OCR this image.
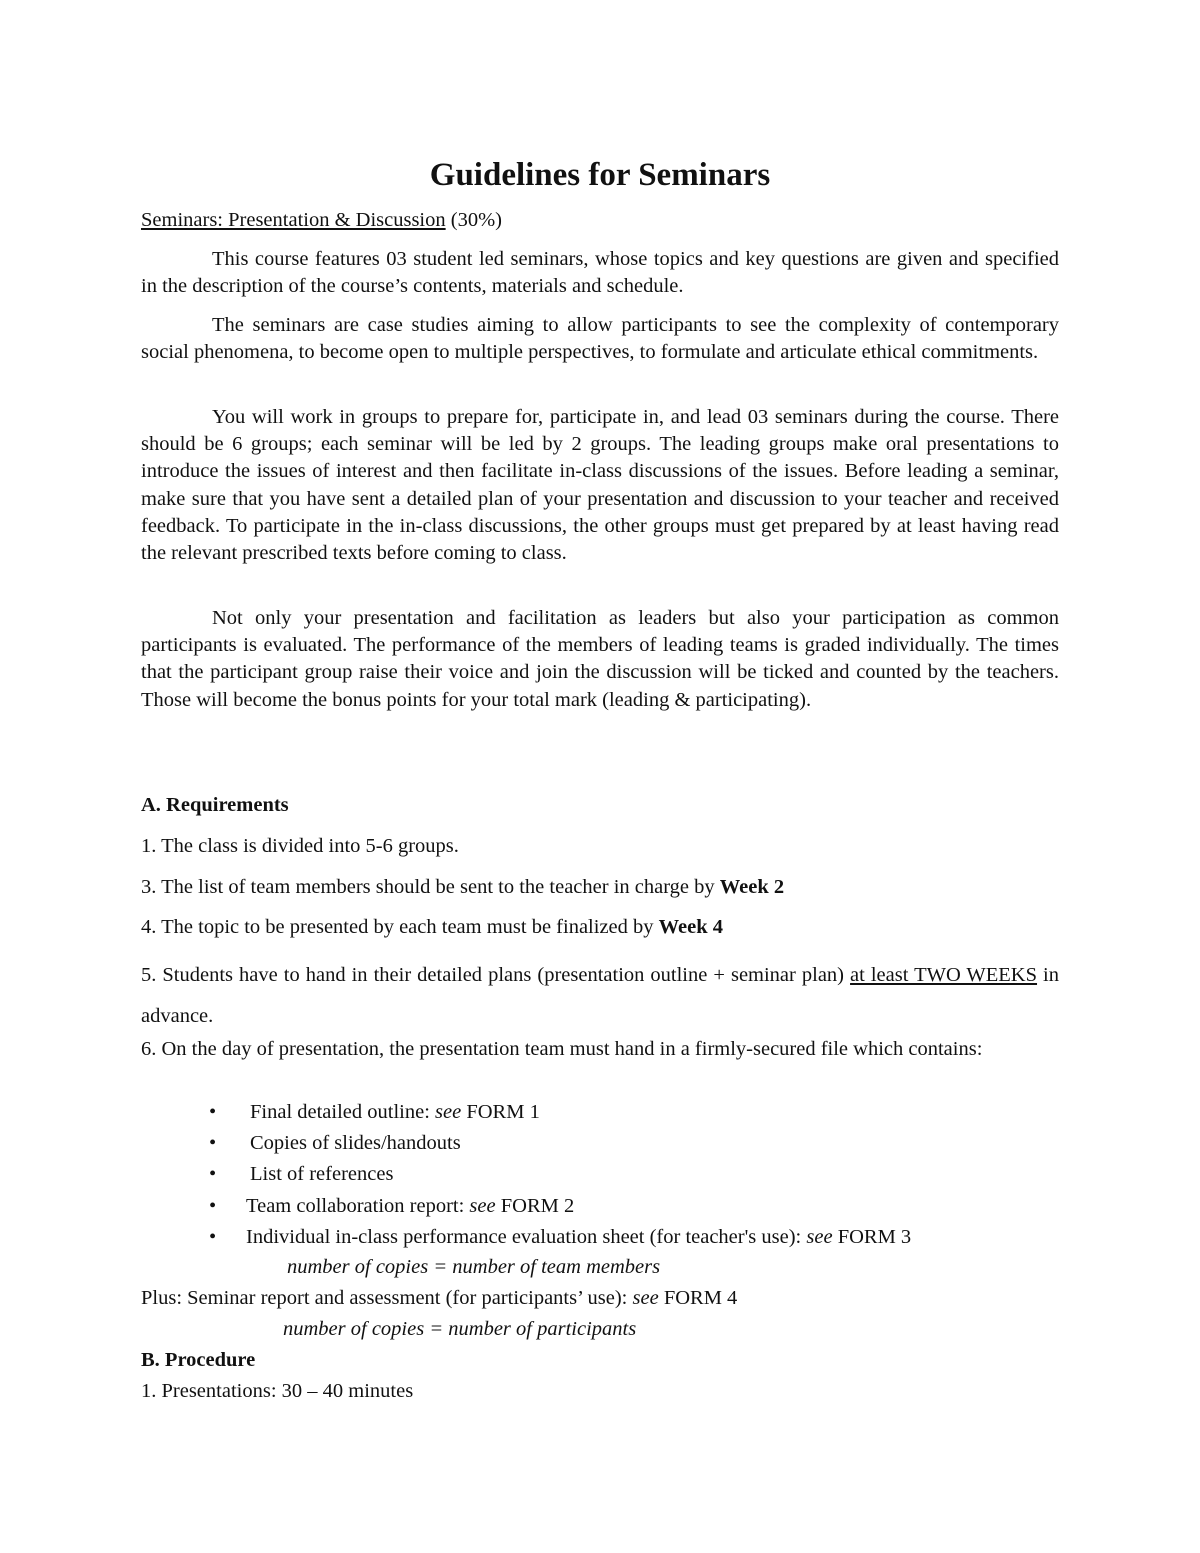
Guidelines for Seminars
Seminars: Presentation & Discussion (30%)

This course features 03 student led seminars, whose topics and key questions are given and specified in the description of the course’s contents, materials and schedule.

The seminars are case studies aiming to allow participants to see the complexity of contemporary social phenomena, to become open to multiple perspectives, to formulate and articulate ethical commitments.

You will work in groups to prepare for, participate in, and lead 03 seminars during the course. There should be 6 groups; each seminar will be led by 2 groups. The leading groups make oral presentations to introduce the issues of interest and then facilitate in-class discussions of the issues. Before leading a seminar, make sure that you have sent a detailed plan of your presentation and discussion to your teacher and received feedback. To participate in the in-class discussions, the other groups must get prepared by at least having read the relevant prescribed texts before coming to class.

Not only your presentation and facilitation as leaders but also your participation as common participants is evaluated. The performance of the members of leading teams is graded individually. The times that the participant group raise their voice and join the discussion will be ticked and counted by the teachers. Those will become the bonus points for your total mark (leading & participating).

A. Requirements
1. The class is divided into 5-6 groups.
3. The list of team members should be sent to the teacher in charge by Week 2
4. The topic to be presented by each team must be finalized by Week 4

5. Students have to hand in their detailed plans (presentation outline + seminar plan) at least TWO WEEKS in advance.

6. On the day of presentation, the presentation team must hand in a firmly-secured file which contains:

• Final detailed outline: see FORM 1
• Copies of slides/handouts
• List of references
• Team collaboration report: see FORM 2
• Individual in-class performance evaluation sheet (for teacher's use): see FORM 3
number of copies = number of team members
Plus: Seminar report and assessment (for participants’ use): see FORM 4
number of copies = number of participants
B. Procedure
1. Presentations: 30 – 40 minutes
